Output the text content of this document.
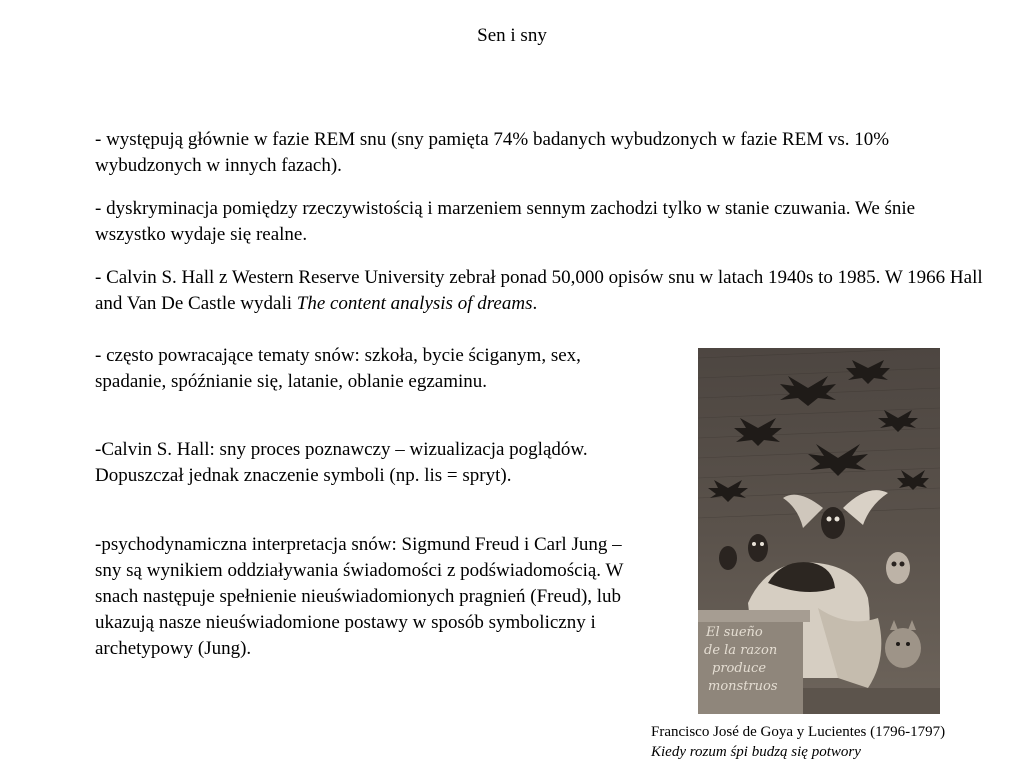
Sen i sny

- występują głównie w fazie REM snu (sny pamięta 74% badanych wybudzonych w fazie REM vs. 10% wybudzonych w innych fazach).

- dyskryminacja pomiędzy rzeczywistością i marzeniem sennym zachodzi tylko w stanie czuwania. We śnie wszystko wydaje się realne.

- Calvin S. Hall z Western Reserve University zebrał ponad 50,000 opisów snu w latach 1940s to 1985. W 1966 Hall and Van De Castle wydali The content analysis of dreams.

- często powracające tematy snów: szkoła, bycie ściganym, sex, spadanie, spóźnianie się, latanie, oblanie egzaminu.

-Calvin S. Hall: sny proces poznawczy – wizualizacja poglądów. Dopuszczał jednak znaczenie symboli (np. lis = spryt).

-psychodynamiczna interpretacja snów: Sigmund Freud i Carl Jung – sny są wynikiem oddziaływania świadomości z podświadomością. W snach następuje spełnienie nieuświadomionych pragnień (Freud), lub ukazują nasze nieuświadomione postawy w sposób symboliczny i archetypowy (Jung).

El sueño
de la razon
produce
monstruos
Francisco José de Goya y Lucientes (1796-1797)
Kiedy rozum śpi budzą się potwory
